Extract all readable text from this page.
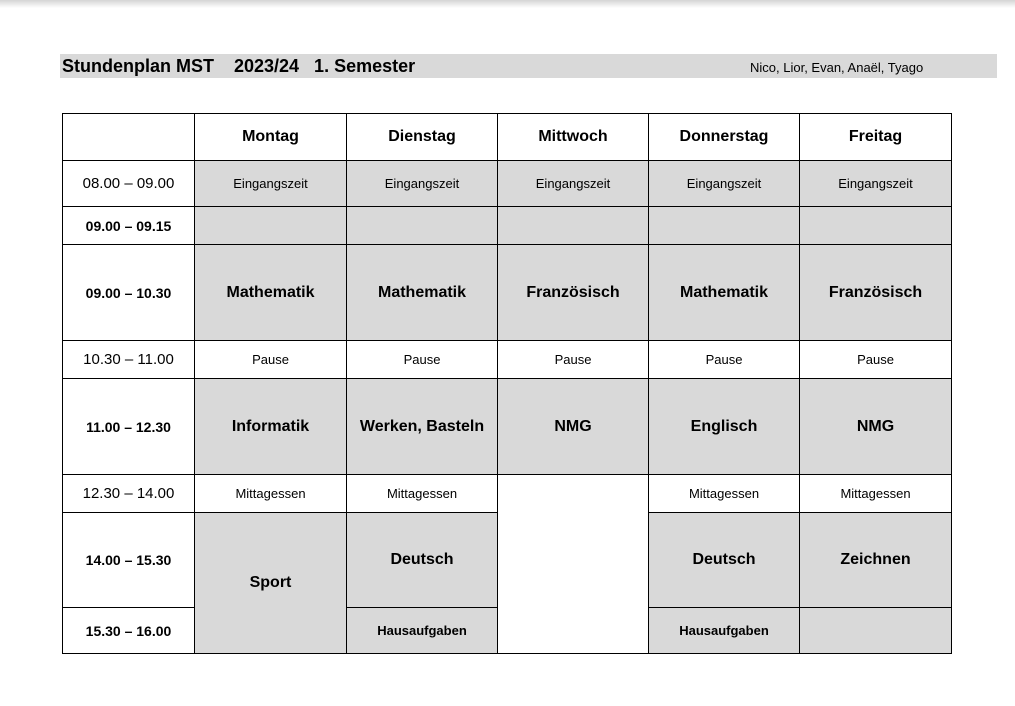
Stundenplan MST    2023/24   1. Semester	Nico, Lior, Evan, Anaël, Tyago
	Montag	Dienstag	Mittwoch	Donnerstag	Freitag
08.00 – 09.00	Eingangszeit	Eingangszeit	Eingangszeit	Eingangszeit	Eingangszeit
09.00 – 09.15					
09.00 – 10.30	Mathematik	Mathematik	Französisch	Mathematik	Französisch
10.30 – 11.00	Pause	Pause	Pause	Pause	Pause
11.00 – 12.30	Informatik	Werken, Basteln	NMG	Englisch	NMG
12.30 – 14.00	Mittagessen	Mittagessen		Mittagessen	Mittagessen
14.00 – 15.30	Sport	Deutsch		Deutsch	Zeichnen
15.30 – 16.00		Hausaufgaben		Hausaufgaben	
